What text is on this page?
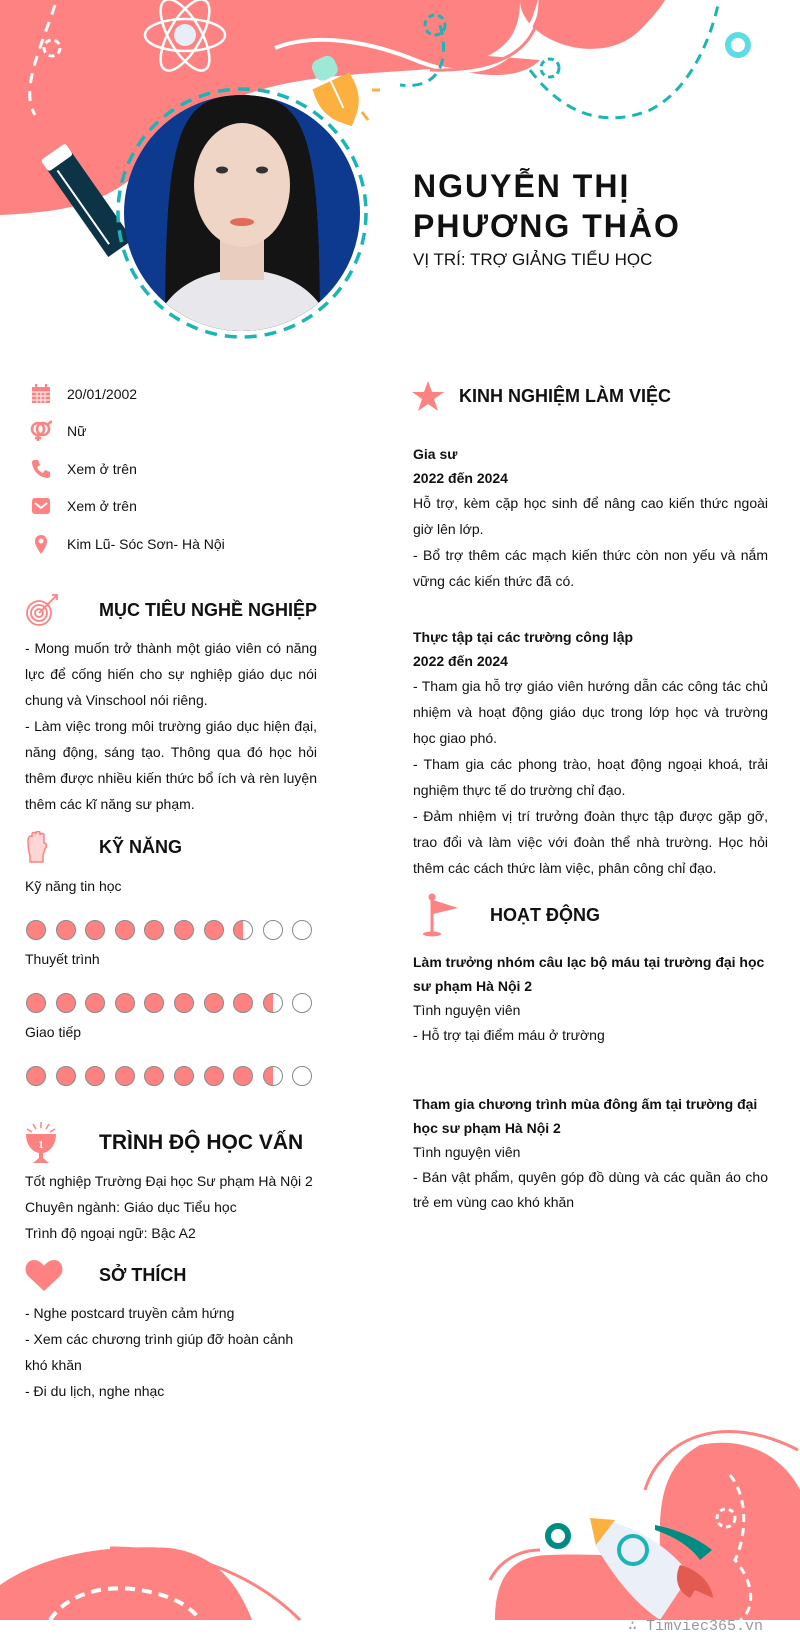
NGUYỄN THỊ PHƯƠNG THẢO
VỊ TRÍ: TRỢ GIẢNG TIỂU HỌC
20/01/2002
Nữ
Xem ở trên
Xem ở trên
Kim Lũ- Sóc Sơn- Hà Nội
MỤC TIÊU NGHỀ NGHIỆP
- Mong muốn trở thành một giáo viên có năng lực để cống hiến cho sự nghiệp giáo dục nói chung và Vinschool nói riêng.
- Làm việc trong môi trường giáo dục hiện đại, năng động, sáng tạo. Thông qua đó học hỏi thêm được nhiều kiến thức bổ ích và rèn luyện thêm các kĩ năng sư phạm.
KỸ NĂNG
Kỹ năng tin học
Thuyết trình
Giao tiếp
1	TRÌNH ĐỘ HỌC VẤN
Tốt nghiệp Trường Đại học Sư phạm Hà Nội 2
Chuyên ngành: Giáo dục Tiểu học
Trình độ ngoại ngữ: Bậc A2
SỞ THÍCH
- Nghe postcard truyền cảm hứng
- Xem các chương trình giúp đỡ hoàn cảnh khó khăn
- Đi du lịch, nghe nhạc
KINH NGHIỆM LÀM VIỆC
Gia sư
2022 đến 2024
Hỗ trợ, kèm cặp học sinh để nâng cao kiến thức ngoài giờ lên lớp.
- Bổ trợ thêm các mạch kiến thức còn non yếu và nắm vững các kiến thức đã có.
Thực tập tại các trường công lập
2022 đến 2024
- Tham gia hỗ trợ giáo viên hướng dẫn các công tác chủ nhiệm và hoạt động giáo dục trong lớp học và trường học giao phó.
- Tham gia các phong trào, hoạt động ngoại khoá, trải nghiệm thực tế do trường chỉ đạo.
- Đảm nhiệm vị trí trưởng đoàn thực tập được gặp gỡ, trao đổi và làm việc với đoàn thể nhà trường. Học hỏi thêm các cách thức làm việc, phân công chỉ đạo.
HOẠT ĐỘNG
Làm trưởng nhóm câu lạc bộ máu tại trường đại học sư phạm Hà Nội 2
Tình nguyện viên
- Hỗ trợ tại điểm máu ở trường
Tham gia chương trình mùa đông ấm tại trường đại học sư phạm Hà Nội 2
Tình nguyện viên
- Bán vật phẩm, quyên góp đồ dùng và các quần áo cho trẻ em vùng cao khó khăn
∴ Timviec365.vn
